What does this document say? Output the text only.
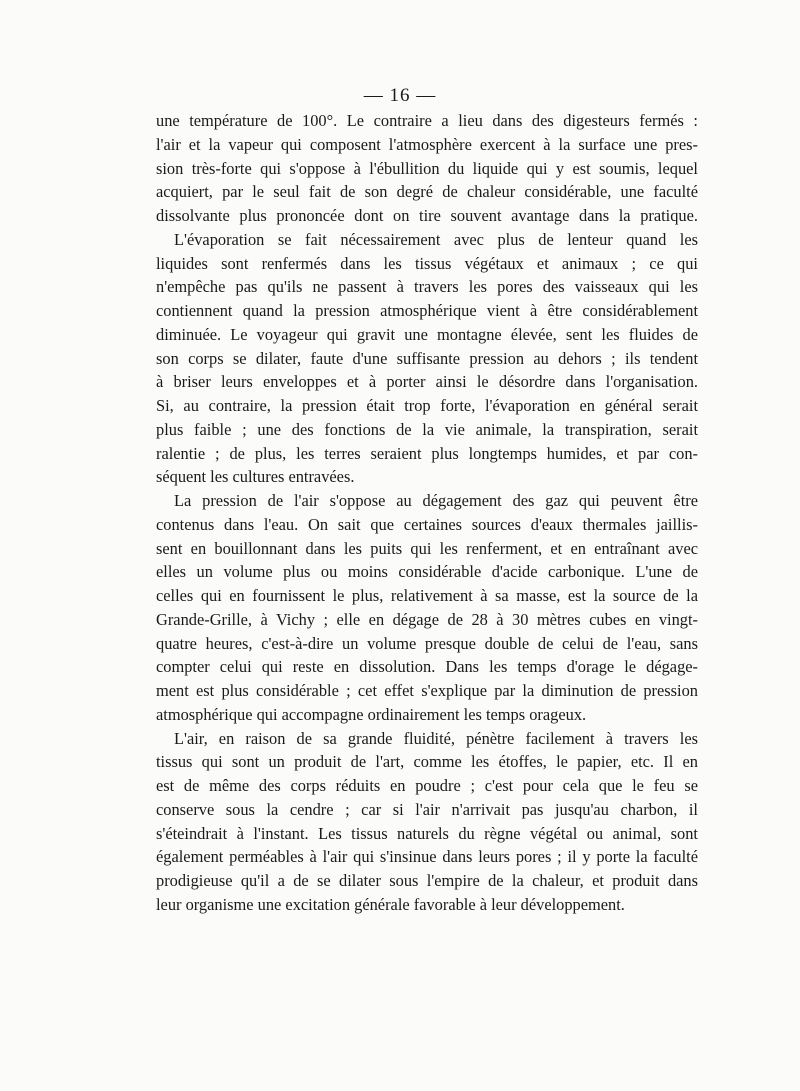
— 16 —
une température de 100°. Le contraire a lieu dans des digesteurs fermés :
l'air et la vapeur qui composent l'atmosphère exercent à la surface une pres-
sion très-forte qui s'oppose à l'ébullition du liquide qui y est soumis, lequel
acquiert, par le seul fait de son degré de chaleur considérable, une faculté
dissolvante plus prononcée dont on tire souvent avantage dans la pratique.
L'évaporation se fait nécessairement avec plus de lenteur quand les
liquides sont renfermés dans les tissus végétaux et animaux ; ce qui
n'empêche pas qu'ils ne passent à travers les pores des vaisseaux qui les
contiennent quand la pression atmosphérique vient à être considérablement
diminuée. Le voyageur qui gravit une montagne élevée, sent les fluides de
son corps se dilater, faute d'une suffisante pression au dehors ; ils tendent
à briser leurs enveloppes et à porter ainsi le désordre dans l'organisation.
Si, au contraire, la pression était trop forte, l'évaporation en général serait
plus faible ; une des fonctions de la vie animale, la transpiration, serait
ralentie ; de plus, les terres seraient plus longtemps humides, et par con-
séquent les cultures entravées.
La pression de l'air s'oppose au dégagement des gaz qui peuvent être
contenus dans l'eau. On sait que certaines sources d'eaux thermales jaillis-
sent en bouillonnant dans les puits qui les renferment, et en entraînant avec
elles un volume plus ou moins considérable d'acide carbonique. L'une de
celles qui en fournissent le plus, relativement à sa masse, est la source de la
Grande-Grille, à Vichy ; elle en dégage de 28 à 30 mètres cubes en vingt-
quatre heures, c'est-à-dire un volume presque double de celui de l'eau, sans
compter celui qui reste en dissolution. Dans les temps d'orage le dégage-
ment est plus considérable ; cet effet s'explique par la diminution de pression
atmosphérique qui accompagne ordinairement les temps orageux.
L'air, en raison de sa grande fluidité, pénètre facilement à travers les
tissus qui sont un produit de l'art, comme les étoffes, le papier, etc. Il en
est de même des corps réduits en poudre ; c'est pour cela que le feu se
conserve sous la cendre ; car si l'air n'arrivait pas jusqu'au charbon, il
s'éteindrait à l'instant. Les tissus naturels du règne végétal ou animal, sont
également perméables à l'air qui s'insinue dans leurs pores ; il y porte la faculté
prodigieuse qu'il a de se dilater sous l'empire de la chaleur, et produit dans
leur organisme une excitation générale favorable à leur développement.
